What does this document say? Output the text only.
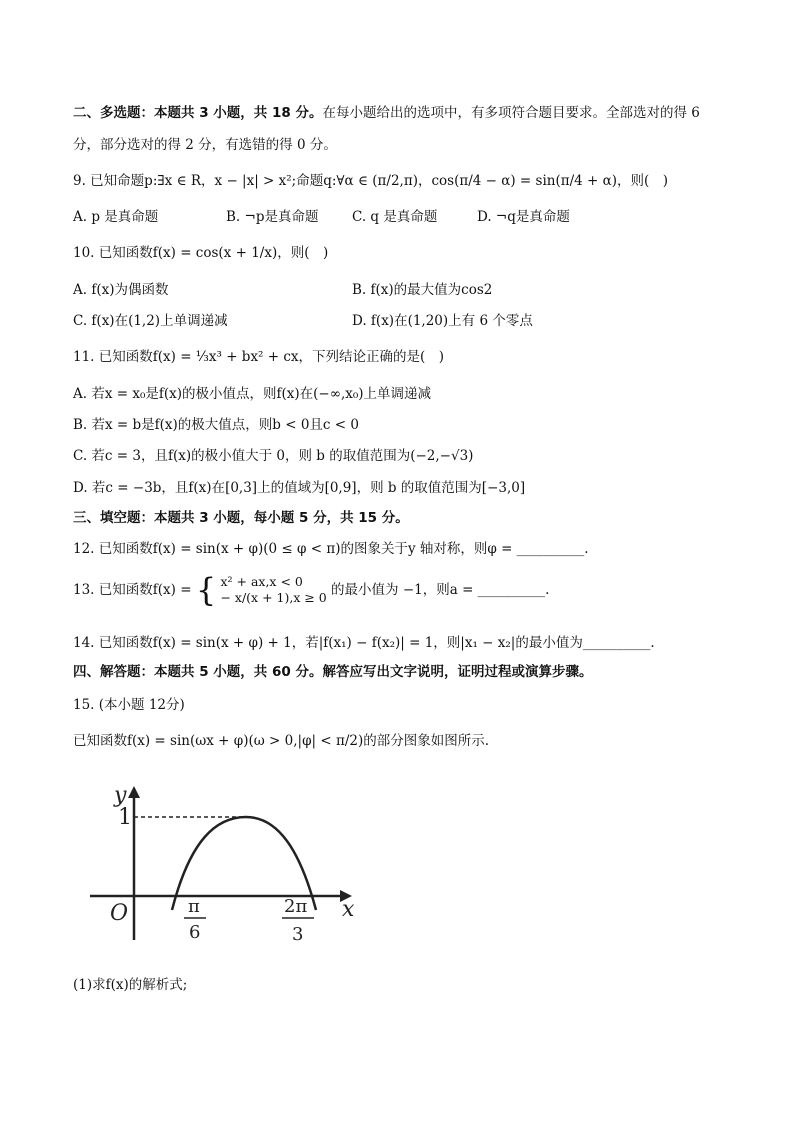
二、多选题：本题共 3 小题，共 18 分。在每小题给出的选项中，有多项符合题目要求。全部选对的得 6
分，部分选对的得 2 分，有选错的得 0 分。
9. 已知命题p:∃x ∈ R，x − |x| > x²;命题q:∀α ∈ (π/2,π)，cos(π/4 − α) = sin(π/4 + α)，则(　)
A. p 是真命题	B. ¬p是真命题 C. q 是真命题	D. ¬q是真命题
10. 已知函数f(x) = cos(x + 1/x)，则(　)
A. f(x)为偶函数	B. f(x)的最大值为cos2
C. f(x)在(1,2)上单调递减	D. f(x)在(1,20)上有 6 个零点
11. 已知函数f(x) = ⅓x³ + bx² + cx，下列结论正确的是(　)
A. 若x = x₀是f(x)的极小值点，则f(x)在(−∞,x₀)上单调递减
B. 若x = b是f(x)的极大值点，则b < 0且c < 0
C. 若c = 3，且f(x)的极小值大于 0，则 b 的取值范围为(−2,−√3)
D. 若c = −3b，且f(x)在[0,3]上的值域为[0,9]，则 b 的取值范围为[−3,0]
三、填空题：本题共 3 小题，每小题 5 分，共 15 分。
12. 已知函数f(x) = sin(x + φ)(0 ≤ φ < π)的图象关于y 轴对称，则φ = __________.
13. 已知函数f(x) = { x² + ax,x < 0
− x/(x + 1),x ≥ 0 的最小值为 −1，则a = __________.
14. 已知函数f(x) = sin(x + φ) + 1，若|f(x₁) − f(x₂)| = 1，则|x₁ − x₂|的最小值为__________.
四、解答题：本题共 5 小题，共 60 分。解答应写出文字说明，证明过程或演算步骤。
15. (本小题 12分)
已知函数f(x) = sin(ωx + φ)(ω > 0,|φ| < π/2)的部分图象如图所示.
y
x
O
1
π
6
2π
3
(1)求f(x)的解析式;
